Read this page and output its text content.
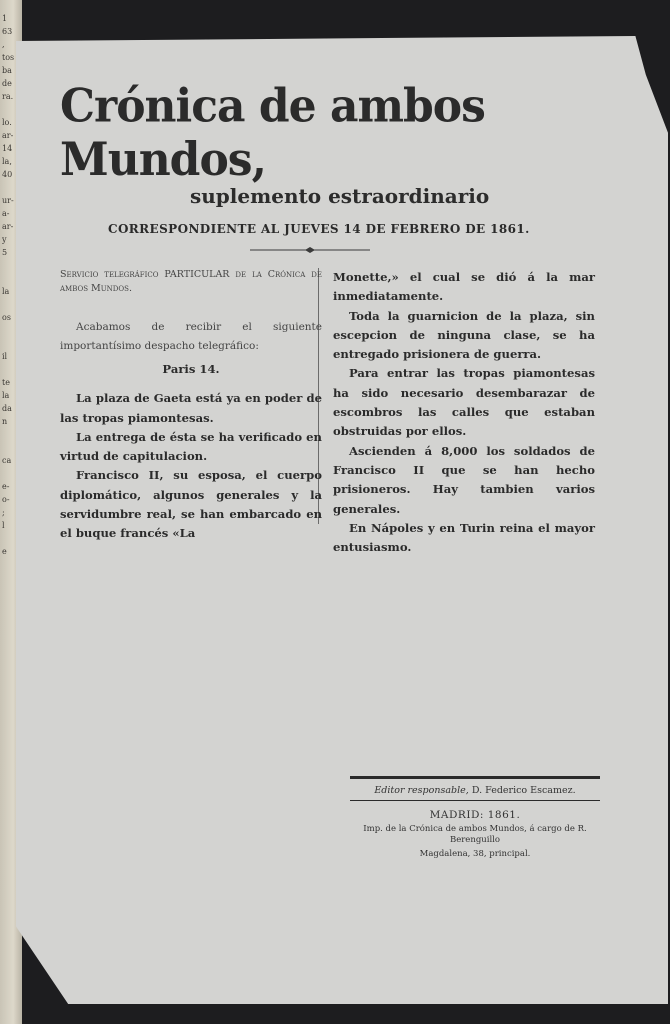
1
63
,
tos
ba
de
ra.

lo.
ar-
14
la,
40

ur-
a-
ar-
y
5

la

os

il

te
la
da
n

ca

e-
o-
;
l

e
Crónica de ambos Mundos,
suplemento estraordinario
CORRESPONDIENTE AL JUEVES 14 DE FEBRERO DE 1861.

Servicio telegráfico PARTICULAR de la Crónica de ambos Mundos.

Acabamos de recibir el siguiente importantísimo despacho telegráfico:

Paris 14.

La plaza de Gaeta está ya en poder de las tropas piamontesas.

La entrega de ésta se ha verificado en virtud de capitulacion.

Francisco II, su esposa, el cuerpo diplomático, algunos generales y la servidumbre real, se han embarcado en el buque francés «La

Monette,» el cual se dió á la mar inmediatamente.

Toda la guarnicion de la plaza, sin escepcion de ninguna clase, se ha entregado prisionera de guerra.

Para entrar las tropas piamontesas ha sido necesario desembarazar de escombros las calles que estaban obstruidas por ellos.

Ascienden á 8,000 los soldados de Francisco II que se han hecho prisioneros. Hay tambien varios generales.

En Nápoles y en Turin reina el mayor entusiasmo.

Editor responsable, D. Federico Escamez.
MADRID: 1861.
Imp. de la Crónica de ambos Mundos, á cargo de R. Berenguillo
Magdalena, 38, principal.
